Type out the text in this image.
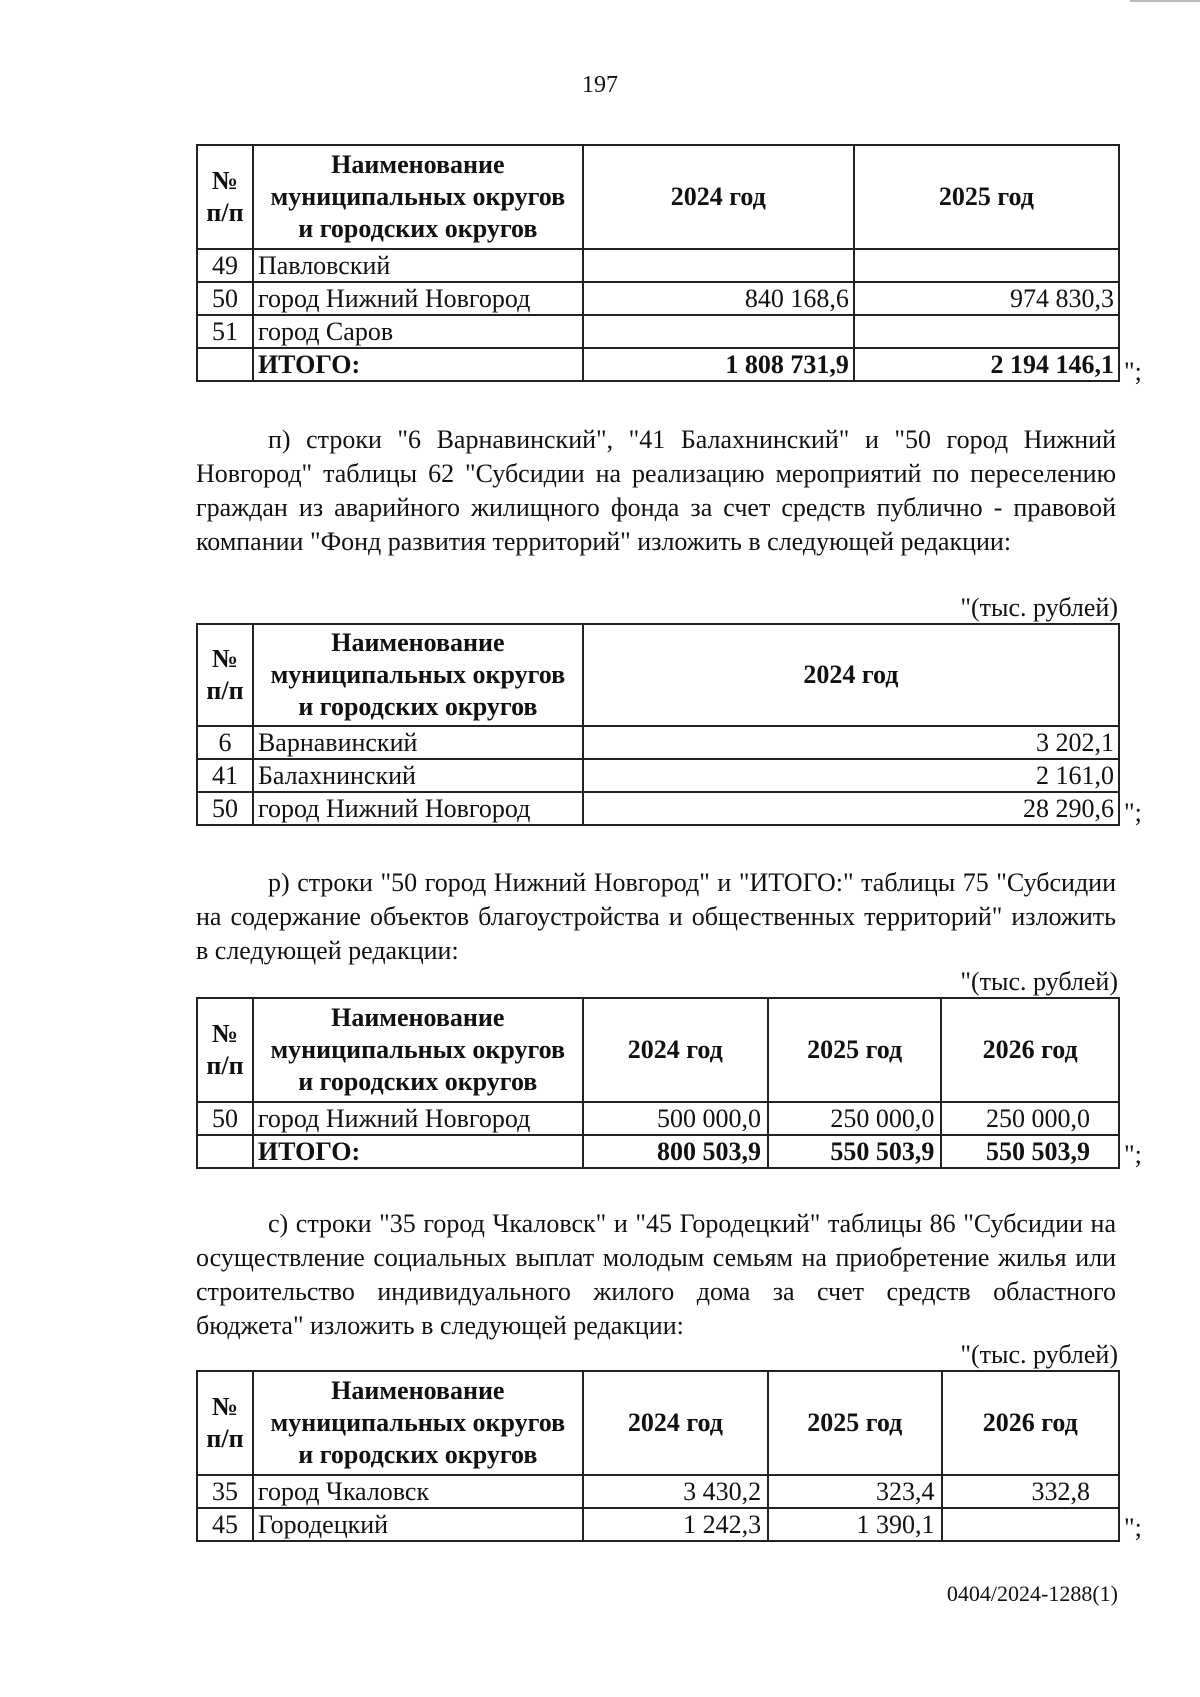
197
№
п/п	Наименование
муниципальных округов
и городских округов	2024 год	2025 год
49	Павловский		
50	город Нижний Новгород	840 168,6	974 830,3
51	город Саров		
	ИТОГО:	1 808 731,9	2 194 146,1 ";

п) строки "6 Варнавинский", "41 Балахнинский" и "50 город Нижний Новгород" таблицы 62 "Субсидии на реализацию мероприятий по переселению граждан из аварийного жилищного фонда за счет средств публично - правовой компании "Фонд развития территорий" изложить в следующей редакции:

"(тыс. рублей)
№
п/п	Наименование
муниципальных округов
и городских округов	2024 год
6	Варнавинский	3 202,1
41	Балахнинский	2 161,0
50	город Нижний Новгород	28 290,6 ";

р) строки "50 город Нижний Новгород" и "ИТОГО:" таблицы 75 "Субсидии на содержание объектов благоустройства и общественных территорий" изложить в следующей редакции:

"(тыс. рублей)
№
п/п	Наименование
муниципальных округов
и городских округов	2024 год	2025 год	2026 год
50	город Нижний Новгород	500 000,0	250 000,0	250 000,0
	ИТОГО:	800 503,9	550 503,9	550 503,9 ";

с) строки "35 город Чкаловск" и "45 Городецкий" таблицы 86 "Субсидии на осуществление социальных выплат молодым семьям на приобретение жилья или строительство индивидуального жилого дома за счет средств областного бюджета" изложить в следующей редакции:

"(тыс. рублей)
№
п/п	Наименование
муниципальных округов
и городских округов	2024 год	2025 год	2026 год
35	город Чкаловск	3 430,2	323,4	332,8
45	Городецкий	1 242,3	1 390,1		";
0404/2024-1288(1)
